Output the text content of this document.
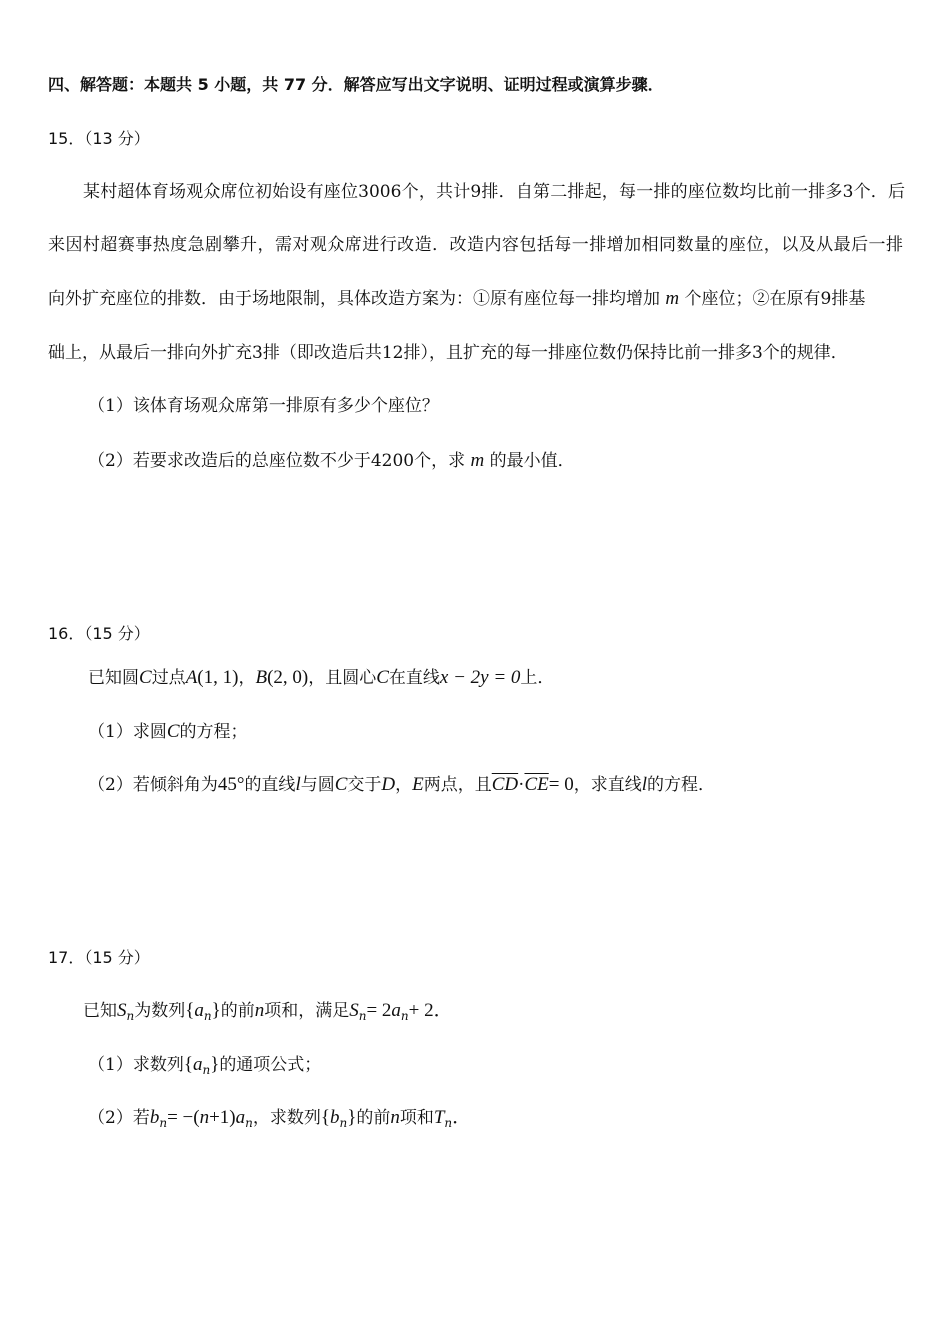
四、解答题：本题共 5 小题，共 77 分．解答应写出文字说明、证明过程或演算步骤．
15．（13 分）
某村超体育场观众席位初始设有座位3006个，共计9排．自第二排起，每一排的座位数均比前一排多3个．后
来因村超赛事热度急剧攀升，需对观众席进行改造．改造内容包括每一排增加相同数量的座位，以及从最后一排
向外扩充座位的排数．由于场地限制，具体改造方案为：①原有座位每一排均增加 m 个座位；②在原有9排基
础上，从最后一排向外扩充3排（即改造后共12排），且扩充的每一排座位数仍保持比前一排多3个的规律．
（1）该体育场观众席第一排原有多少个座位？
（2）若要求改造后的总座位数不少于4200个，求 m 的最小值．
16．（15 分）
已知圆C过点A(1, 1)，B(2, 0)，且圆心C在直线x − 2y = 0上．
（1）求圆C的方程；
（2）若倾斜角为45°的直线l与圆C交于D，E两点，且$\overline{CD}\cdot\overline{CE}= 0$，求直线l的方程．
17．（15 分）
已知$S_n$为数列$\{a_n\}$的前n项和，满足$S_n= 2a_n+ 2$．
（1）求数列$\{a_n\}$的通项公式；
（2）若$b_n= -(n+1)a_n$，求数列$\{b_n\}$的前n项和$T_n$．
